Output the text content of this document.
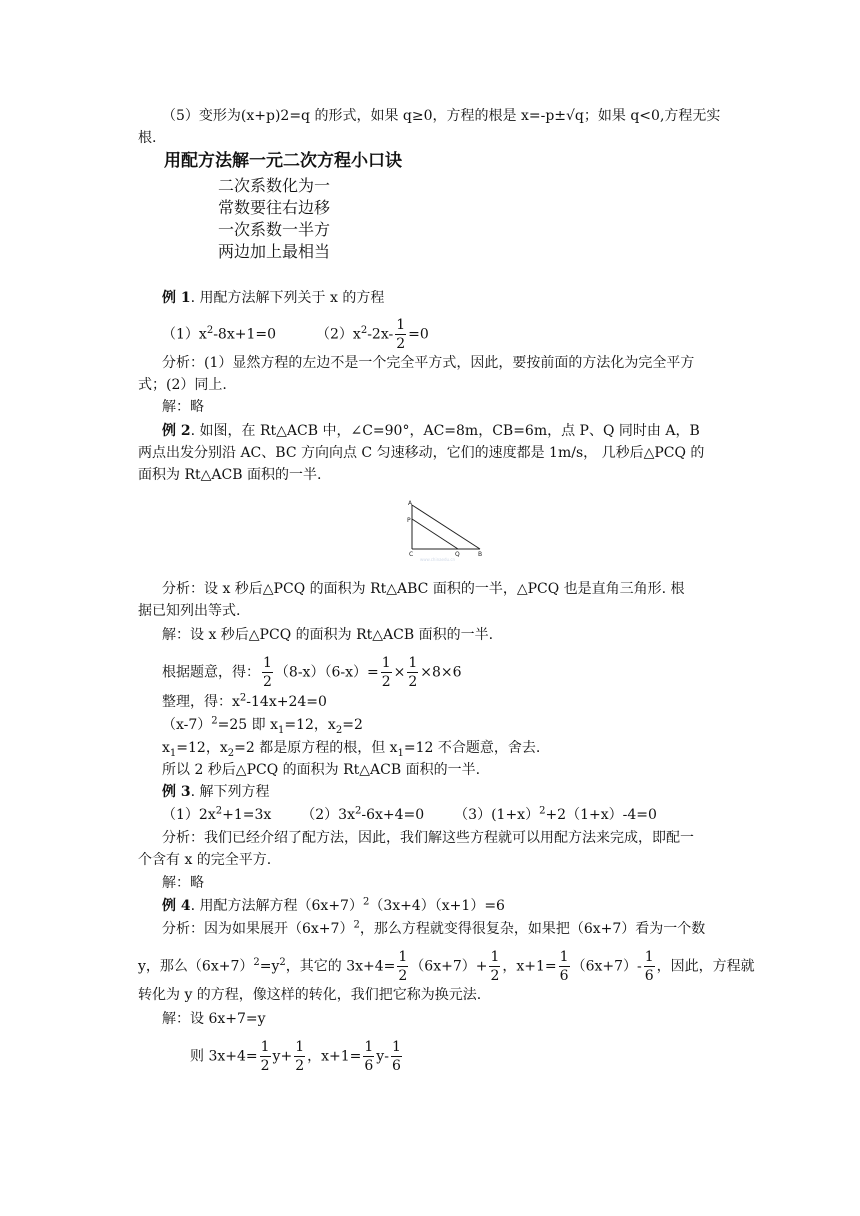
（5）变形为(x+p)2=q 的形式，如果 q≥0，方程的根是 x=-p±√q；如果 q<0,方程无实
根.
用配方法解一元二次方程小口诀
二次系数化为一
常数要往右边移
一次系数一半方
两边加上最相当
例 1. 用配方法解下列关于 x 的方程
$(1)x^2-8x+1=0$	$(2)x^2-2x- \frac{1}{2} =0$
分析：(1）显然方程的左边不是一个完全平方式，因此，要按前面的方法化为完全平方
式；(2）同上.
解：略
例 2. 如图，在 Rt△ACB 中，∠C=90°，AC=8m，CB=6m，点 P、Q 同时由 A，B
两点出发分别沿 AC、BC 方向向点 C 匀速移动，它们的速度都是 1m/s， 几秒后△PCQ 的
面积为 Rt△ACB 面积的一半.
A
P
C	Q	B
www.chinaedu.cn
分析：设 x 秒后△PCQ 的面积为 Rt△ABC 面积的一半，△PCQ 也是直角三角形. 根
据已知列出等式.
解：设 x 秒后△PCQ 的面积为 Rt△ACB 面积的一半.
根据题意，得： $\frac{1}{2} (8-x)(6-x)= \frac{1}{2} \times \frac{1}{2} \times 8\times 6$
整理，得：$x^2-14x+24=0$
$(x-7)^2=25$ 即 $x_1=12$，$x_2=2$
$x_1=12$，$x_2=2$ 都是原方程的根，但 $x_1=12$ 不合题意，舍去.
所以 2 秒后△PCQ 的面积为 Rt△ACB 面积的一半.
例 3. 解下列方程
$(1)2x^2+1=3x$ $(2)3x^2-6x+4=0$ （3）(1+x）$^2$+2（1+x）-4=0
分析：我们已经介绍了配方法，因此，我们解这些方程就可以用配方法来完成，即配一
个含有 x 的完全平方.
解：略
例 4. 用配方法解方程$(6x+7)^2(3x+4)(x+1)=6$
分析：因为如果展开$(6x+7)^2$，那么方程就变得很复杂，如果把（6x+7）看为一个数
y，那么$(6x+7)^2=y^2$，其它的 $3x+4= \frac{1}{2} (6x+7)+ \frac{1}{2}$ ，$x+1= \frac{1}{6} (6x+7)- \frac{1}{6}$ ，因此，方程就
转化为 y 的方程，像这样的转化，我们把它称为换元法.
解：设 6x+7=y
则 $3x+4= \frac{1}{2} y+ \frac{1}{2}$ ，$x+1= \frac{1}{6} y- \frac{1}{6}$
